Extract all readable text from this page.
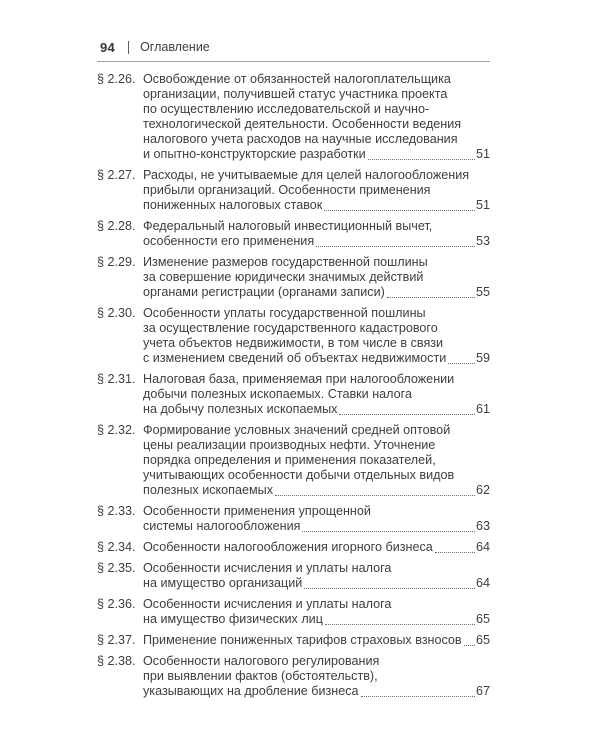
94 Оглавление
§ 2.26. Освобождение от обязанностей налогоплательщика
организации, получившей статус участника проекта
по осуществлению исследовательской и научно-
технологической деятельности. Особенности ведения
налогового учета расходов на научные исследования
и опытно-конструкторские разработки	51
§ 2.27. Расходы, не учитываемые для целей налогообложения
прибыли организаций. Особенности применения
пониженных налоговых ставок	51
§ 2.28. Федеральный налоговый инвестиционный вычет,
особенности его применения	53
§ 2.29. Изменение размеров государственной пошлины
за совершение юридически значимых действий
органами регистрации (органами записи)	55
§ 2.30. Особенности уплаты государственной пошлины
за осуществление государственного кадастрового
учета объектов недвижимости, в том числе в связи
с изменением сведений об объектах недвижимости 59
§ 2.31. Налоговая база, применяемая при налогообложении
добычи полезных ископаемых. Ставки налога
на добычу полезных ископаемых	61
§ 2.32. Формирование условных значений средней оптовой
цены реализации производных нефти. Уточнение
порядка определения и применения показателей,
учитывающих особенности добычи отдельных видов
полезных ископаемых	62
§ 2.33. Особенности применения упрощенной
системы налогообложения	63
§ 2.34. Особенности налогообложения игорного бизнеса	64
§ 2.35. Особенности исчисления и уплаты налога
на имущество организаций	64
§ 2.36. Особенности исчисления и уплаты налога
на имущество физических лиц	65
§ 2.37. Применение пониженных тарифов страховых взносов 65
§ 2.38. Особенности налогового регулирования
при выявлении фактов (обстоятельств),
указывающих на дробление бизнеса	67
